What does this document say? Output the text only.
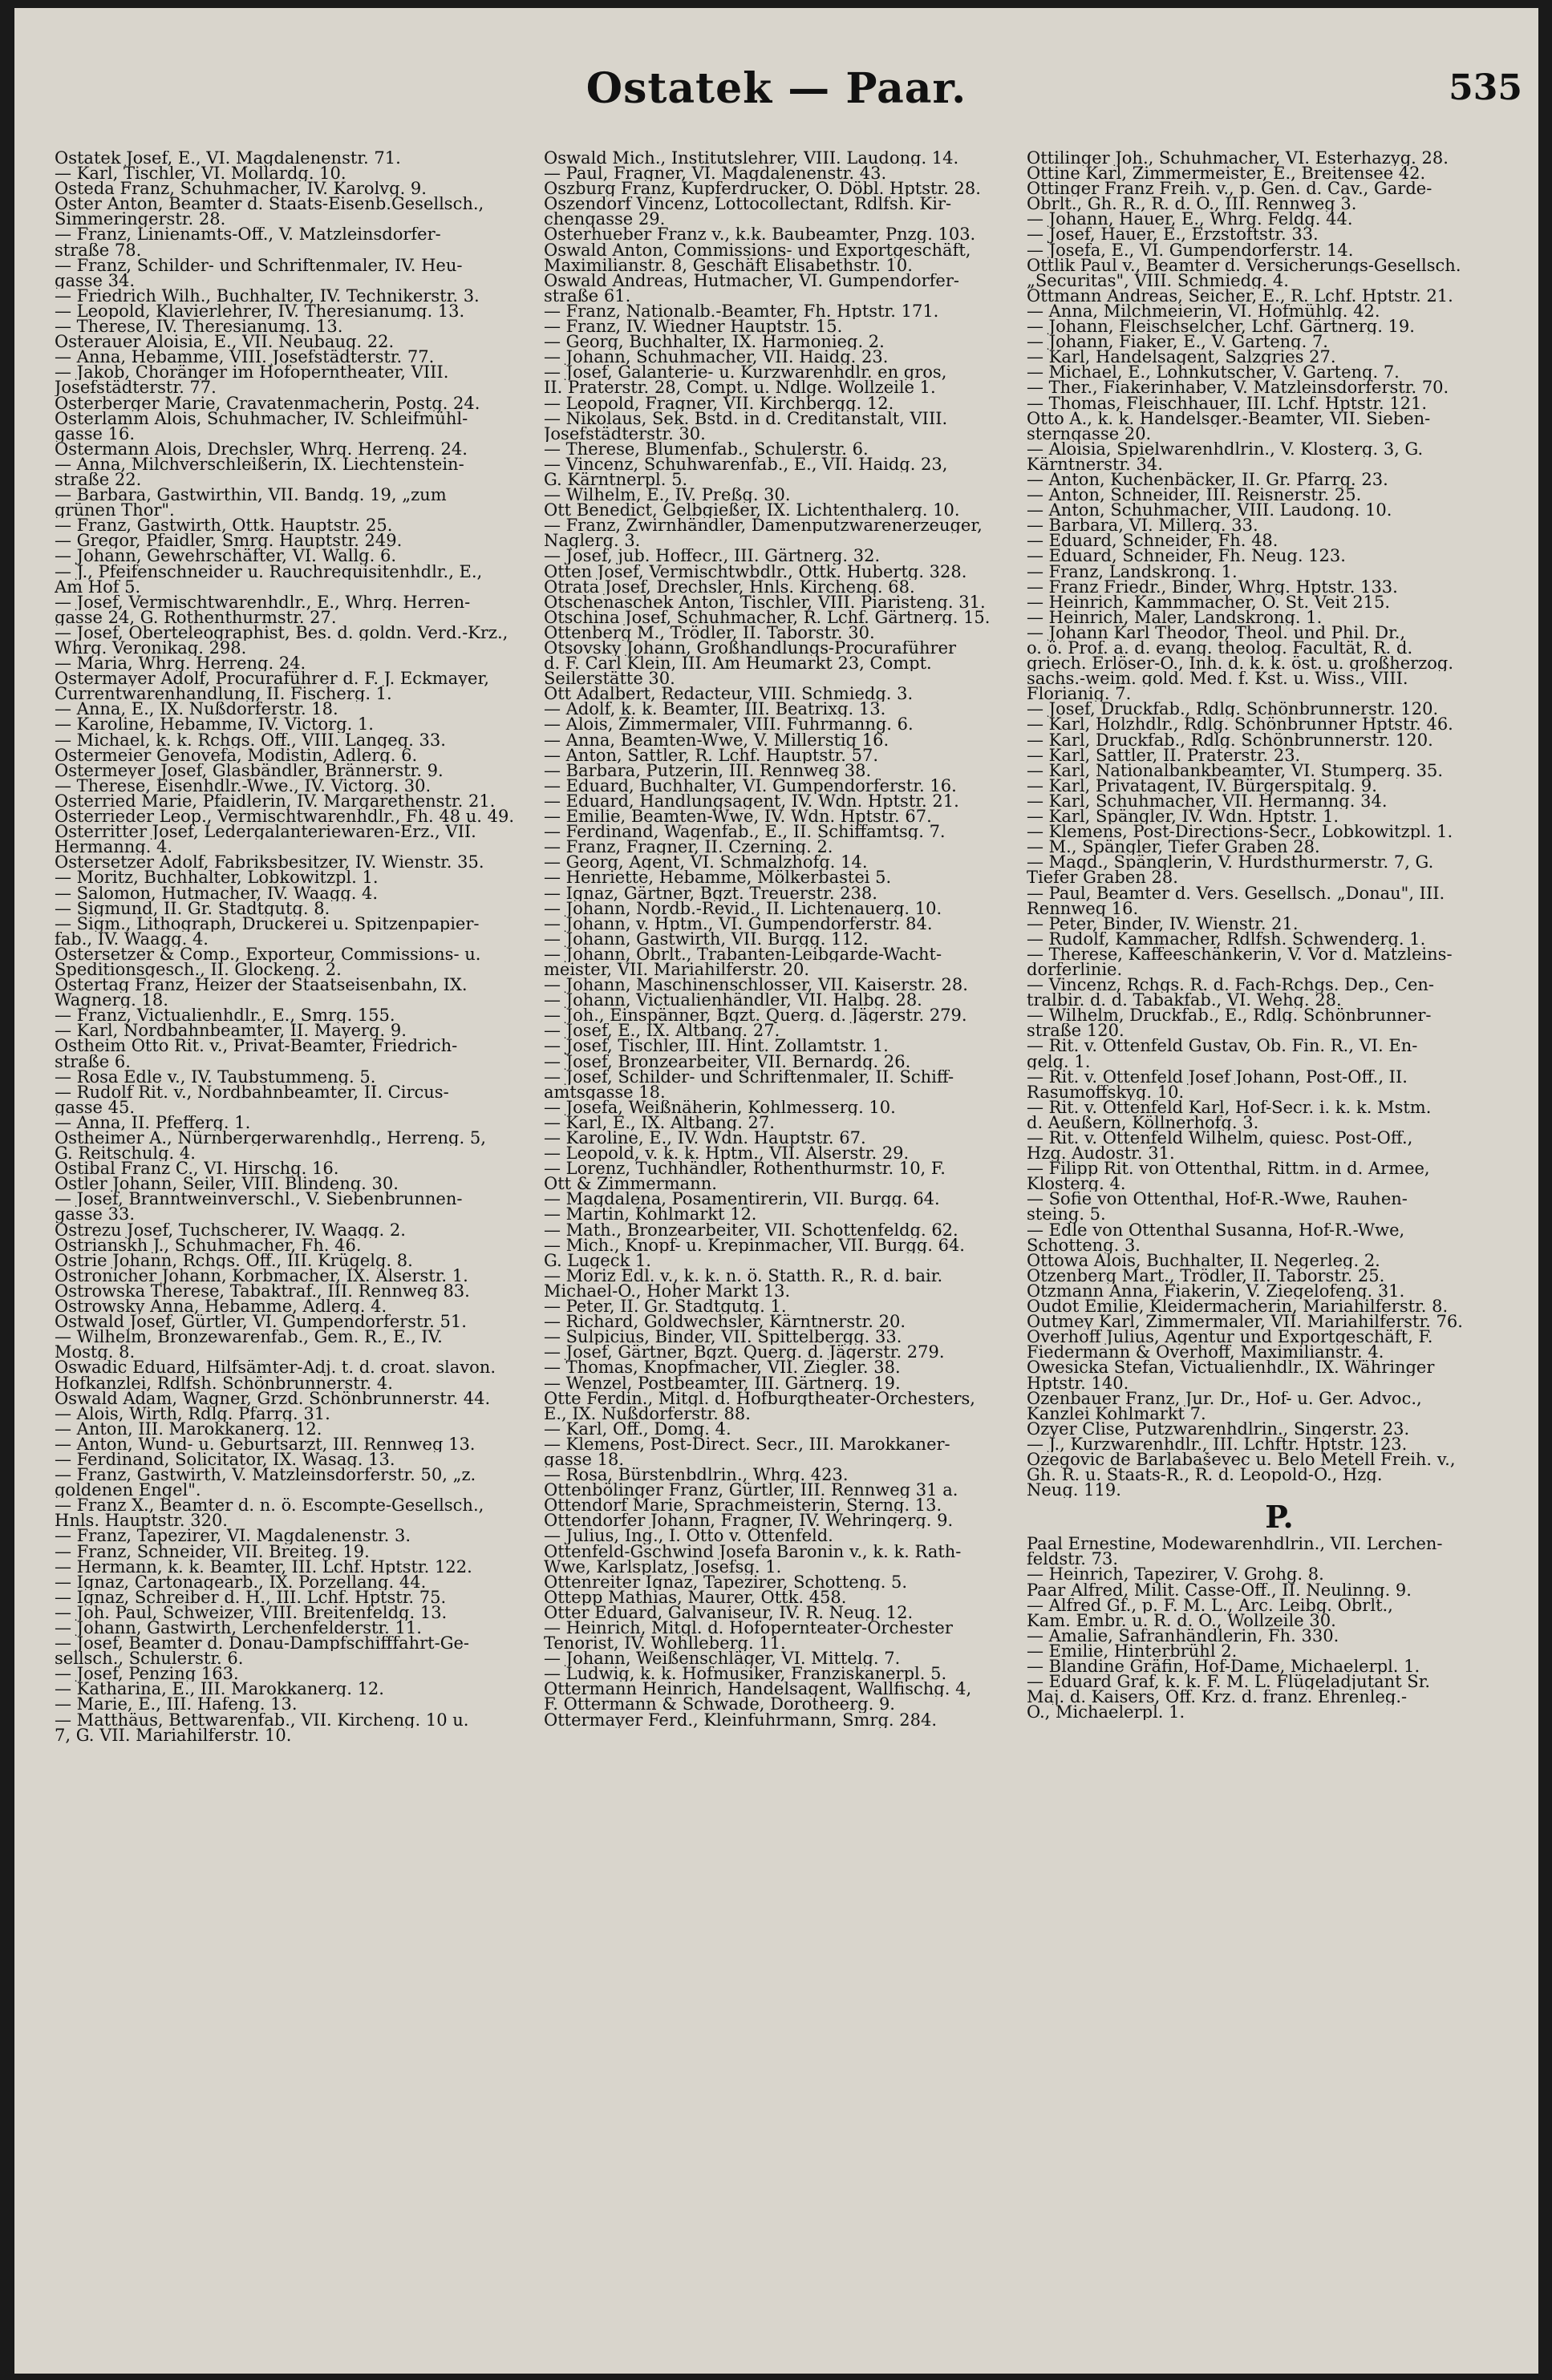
Ostatek — Paar.	535
Ostatek Josef, E., VI. Magdalenenstr. 71.
— Karl, Tischler, VI. Mollardg. 10.
Osteda Franz, Schuhmacher, IV. Karolvg. 9.
Oster Anton, Beamter d. Staats-Eisenb.Gesellsch.,
Simmeringerstr. 28.
— Franz, Linienamts-Off., V. Matzleinsdorfer-
straße 78.
— Franz, Schilder- und Schriftenmaler, IV. Heu-
gasse 34.
— Friedrich Wilh., Buchhalter, IV. Technikerstr. 3.
— Leopold, Klavierlehrer, IV. Theresianumg. 13.
— Therese, IV. Theresianumg. 13.
Osterauer Aloisia, E., VII. Neubaug. 22.
— Anna, Hebamme, VIII. Josefstädterstr. 77.
— Jakob, Choränger im Hofoperntheater, VIII.
Josefstädterstr. 77.
Osterberger Marie, Cravatenmacherin, Postg. 24.
Osterlamm Alois, Schuhmacher, IV. Schleifmühl-
gasse 16.
Ostermann Alois, Drechsler, Whrg. Herreng. 24.
— Anna, Milchverschleißerin, IX. Liechtenstein-
straße 22.
— Barbara, Gastwirthin, VII. Bandg. 19, „zum
grünen Thor".
— Franz, Gastwirth, Ottk. Hauptstr. 25.
— Gregor, Pfaidler, Smrg. Hauptstr. 249.
— Johann, Gewehrschäfter, VI. Wallg. 6.
— J., Pfeifenschneider u. Rauchrequisitenhdlr., E.,
Am Hof 5.
— Josef, Vermischtwarenhdlr., E., Whrg. Herren-
gasse 24, G. Rothenthurmstr. 27.
— Josef, Oberteleographist, Bes. d. goldn. Verd.-Krz.,
Whrg. Veronikag. 298.
— Maria, Whrg. Herreng. 24.
Ostermayer Adolf, Procuraführer d. F. J. Eckmayer,
Currentwarenhandlung, II. Fischerg. 1.
— Anna, E., IX. Nußdorferstr. 18.
— Karoline, Hebamme, IV. Victorg. 1.
— Michael, k. k. Rchgs. Off., VIII. Langeg. 33.
Ostermeier Genovefa, Modistin, Adlerg. 6.
Ostermeyer Josef, Glasbändler, Brännerstr. 9.
— Therese, Eisenhdlr.-Wwe., IV. Victorg. 30.
Osterried Marie, Pfaidlerin, IV. Margarethenstr. 21.
Osterrieder Leop., Vermischtwarenhdlr., Fh. 48 u. 49.
Osterritter Josef, Ledergalanteriewaren-Erz., VII.
Hermanng. 4.
Ostersetzer Adolf, Fabriksbesitzer, IV. Wienstr. 35.
— Moritz, Buchhalter, Lobkowitzpl. 1.
— Salomon, Hutmacher, IV. Waagg. 4.
— Sigmund, II. Gr. Stadtgutg. 8.
— Sigm., Lithograph, Druckerei u. Spitzenpapier-
fab., IV. Waagg. 4.
Ostersetzer & Comp., Exporteur, Commissions- u.
Speditionsgesch., II. Glockeng. 2.
Ostertag Franz, Heizer der Staatseisenbahn, IX.
Wagnerg. 18.
— Franz, Victualienhdlr., E., Smrg. 155.
— Karl, Nordbahnbeamter, II. Mayerg. 9.
Ostheim Otto Rit. v., Privat-Beamter, Friedrich-
straße 6.
— Rosa Edle v., IV. Taubstummeng. 5.
— Rudolf Rit. v., Nordbahnbeamter, II. Circus-
gasse 45.
— Anna, II. Pfefferg. 1.
Ostheimer A., Nürnbergerwarenhdlg., Herreng. 5,
G. Reitschulg. 4.
Ostibal Franz C., VI. Hirschg. 16.
Ostler Johann, Seiler, VIII. Blindeng. 30.
— Josef, Branntweinverschl., V. Siebenbrunnen-
gasse 33.
Ostrezu Josef, Tuchscherer, IV. Waagg. 2.
Ostrianskh J., Schuhmacher, Fh. 46.
Ostrie Johann, Rchgs. Off., III. Krügelg. 8.
Ostronicher Johann, Korbmacher, IX. Alserstr. 1.
Ostrowska Therese, Tabaktraf., III. Rennweg 83.
Ostrowsky Anna, Hebamme, Adlerg. 4.
Ostwald Josef, Gürtler, VI. Gumpendorferstr. 51.
— Wilhelm, Bronzewarenfab., Gem. R., E., IV.
Mostg. 8.
Oswadic Eduard, Hilfsämter-Adj. t. d. croat. slavon.
Hofkanzlei, Rdlfsh. Schönbrunnerstr. 4.
Oswald Adam, Wagner, Grzd. Schönbrunnerstr. 44.
— Alois, Wirth, Rdlg. Pfarrg. 31.
— Anton, III. Marokkanerg. 12.
— Anton, Wund- u. Geburtsarzt, III. Rennweg 13.
— Ferdinand, Solicitator, IX. Wasag. 13.
— Franz, Gastwirth, V. Matzleinsdorferstr. 50, „z.
goldenen Engel".
— Franz X., Beamter d. n. ö. Escompte-Gesellsch.,
Hnls. Hauptstr. 320.
— Franz, Tapezirer, VI. Magdalenenstr. 3.
— Franz, Schneider, VII. Breiteg. 19.
— Hermann, k. k. Beamter, III. Lchf. Hptstr. 122.
— Ignaz, Cartonagearb., IX. Porzellang. 44.
— Ignaz, Schreiber d. H., III. Lchf. Hptstr. 75.
— Joh. Paul, Schweizer, VIII. Breitenfeldg. 13.
— Johann, Gastwirth, Lerchenfelderstr. 11.
— Josef, Beamter d. Donau-Dampfschifffahrt-Ge-
sellsch., Schulerstr. 6.
— Josef, Penzing 163.
— Katharina, E., III. Marokkanerg. 12.
— Marie, E., III. Hafeng. 13.
— Matthäus, Bettwarenfab., VII. Kircheng. 10 u.
7, G. VII. Mariahilferstr. 10.
Oswald Mich., Institutslehrer, VIII. Laudong. 14.
— Paul, Fragner, VI. Magdalenenstr. 43.
Oszburg Franz, Kupferdrucker, O. Döbl. Hptstr. 28.
Oszendorf Vincenz, Lottocollectant, Rdlfsh. Kir-
chengasse 29.
Osterhueber Franz v., k.k. Baubeamter, Pnzg. 103.
Oswald Anton, Commissions- und Exportgeschäft,
Maximilianstr. 8, Geschäft Elisabethstr. 10.
Oswald Andreas, Hutmacher, VI. Gumpendorfer-
straße 61.
— Franz, Nationalb.-Beamter, Fh. Hptstr. 171.
— Franz, IV. Wiedner Hauptstr. 15.
— Georg, Buchhalter, IX. Harmonieg. 2.
— Johann, Schuhmacher, VII. Haidg. 23.
— Josef, Galanterie- u. Kurzwarenhdlr. en gros,
II. Praterstr. 28, Compt. u. Ndlge. Wollzeile 1.
— Leopold, Fragner, VII. Kirchbergg. 12.
— Nikolaus, Sek. Bstd. in d. Creditanstalt, VIII.
Josefstädterstr. 30.
— Therese, Blumenfab., Schulerstr. 6.
— Vincenz, Schuhwarenfab., E., VII. Haidg. 23,
G. Kärntnerpl. 5.
— Wilhelm, E., IV. Preßg. 30.
Ott Benedict, Gelbgießer, IX. Lichtenthalerg. 10.
— Franz, Zwirnhändler, Damenputzwarenerzeuger,
Naglerg. 3.
— Josef, jub. Hoffecr., III. Gärtnerg. 32.
Otten Josef, Vermischtwbdlr., Ottk. Hubertg. 328.
Otrata Josef, Drechsler, Hnls. Kircheng. 68.
Otschenaschek Anton, Tischler, VIII. Piaristeng. 31.
Otschina Josef, Schuhmacher, R. Lchf. Gärtnerg. 15.
Ottenberg M., Trödler, II. Taborstr. 30.
Otsovsky Johann, Großhandlungs-Procuraführer
d. F. Carl Klein, III. Am Heumarkt 23, Compt.
Seilerstätte 30.
Ott Adalbert, Redacteur, VIII. Schmiedg. 3.
— Adolf, k. k. Beamter, III. Beatrixg. 13.
— Alois, Zimmermaler, VIII. Fuhrmanng. 6.
— Anna, Beamten-Wwe, V. Millerstig 16.
— Anton, Sattler, R. Lchf. Hauptstr. 57.
— Barbara, Putzerin, III. Rennweg 38.
— Eduard, Buchhalter, VI. Gumpendorferstr. 16.
— Eduard, Handlungsagent, IV. Wdn. Hptstr. 21.
— Emilie, Beamten-Wwe, IV. Wdn. Hptstr. 67.
— Ferdinand, Wagenfab., E., II. Schiffamtsg. 7.
— Franz, Fragner, II. Czerning. 2.
— Georg, Agent, VI. Schmalzhofg. 14.
— Henriette, Hebamme, Mölkerbastei 5.
— Ignaz, Gärtner, Bgzt. Treuerstr. 238.
— Johann, Nordb.-Revid., II. Lichtenauerg. 10.
— Johann, v. Hptm., VI. Gumpendorferstr. 84.
— Johann, Gastwirth, VII. Burgg. 112.
— Johann, Obrlt., Trabanten-Leibgarde-Wacht-
meister, VII. Mariahilferstr. 20.
— Johann, Maschinenschlosser, VII. Kaiserstr. 28.
— Johann, Victualienhändler, VII. Halbg. 28.
— Joh., Einspänner, Bgzt. Querg. d. Jägerstr. 279.
— Josef, E., IX. Altbang. 27.
— Josef, Tischler, III. Hint. Zollamtstr. 1.
— Josef, Bronzearbeiter, VII. Bernardg. 26.
— Josef, Schilder- und Schriftenmaler, II. Schiff-
amtsgasse 18.
— Josefa, Weißnäherin, Kohlmesserg. 10.
— Karl, E., IX. Altbang. 27.
— Karoline, E., IV. Wdn. Hauptstr. 67.
— Leopold, v. k. k. Hptm., VII. Alserstr. 29.
— Lorenz, Tuchhändler, Rothenthurmstr. 10, F.
Ott & Zimmermann.
— Magdalena, Posamentirerin, VII. Burgg. 64.
— Martin, Kohlmarkt 12.
— Math., Bronzearbeiter, VII. Schottenfeldg. 62.
— Mich., Knopf- u. Krepinmacher, VII. Burgg. 64.
G. Lugeck 1.
— Moriz Edl. v., k. k. n. ö. Statth. R., R. d. bair.
Michael-O., Hoher Markt 13.
— Peter, II. Gr. Stadtgutg. 1.
— Richard, Goldwechsler, Kärntnerstr. 20.
— Sulpicius, Binder, VII. Spittelbergg. 33.
— Josef, Gärtner, Bgzt. Querg. d. Jägerstr. 279.
— Thomas, Knopfmacher, VII. Ziegler. 38.
— Wenzel, Postbeamter, III. Gärtnerg. 19.
Otte Ferdin., Mitgl. d. Hofburgtheater-Orchesters,
E., IX. Nußdorferstr. 88.
— Karl, Off., Domg. 4.
— Klemens, Post-Direct. Secr., III. Marokkaner-
gasse 18.
— Rosa, Bürstenbdlrin., Whrg. 423.
Ottenbölinger Franz, Gürtler, III. Rennweg 31 a.
Ottendorf Marie, Sprachmeisterin, Sterng. 13.
Ottendorfer Johann, Fragner, IV. Wehringerg. 9.
— Julius, Ing., I. Otto v. Ottenfeld.
Ottenfeld-Gschwind Josefa Baronin v., k. k. Rath-
Wwe, Karlsplatz, Josefsg. 1.
Ottenreiter Ignaz, Tapezirer, Schotteng. 5.
Ottepp Mathias, Maurer, Ottk. 458.
Otter Eduard, Galvaniseur, IV. R. Neug. 12.
— Heinrich, Mitgl. d. Hofopernteater-Orchester
Tenorist, IV. Wohlleberg. 11.
— Johann, Weißenschläger, VI. Mittelg. 7.
— Ludwig, k. k. Hofmusiker, Franziskanerpl. 5.
Ottermann Heinrich, Handelsagent, Wallfischg. 4,
F. Ottermann & Schwade, Dorotheerg. 9.
Ottermayer Ferd., Kleinfuhrmann, Smrg. 284.
Ottilinger Joh., Schuhmacher, VI. Esterhazyg. 28.
Ottine Karl, Zimmermeister, E., Breitensee 42.
Ottinger Franz Freih. v., p. Gen. d. Cav., Garde-
Obrlt., Gh. R., R. d. O., III. Rennweg 3.
— Johann, Hauer, E., Whrg. Feldg. 44.
— Josef, Hauer, E., Erzstoftstr. 33.
— Josefa, E., VI. Gumpendorferstr. 14.
Ottlik Paul v., Beamter d. Versicherungs-Gesellsch.
„Securitas", VIII. Schmiedg. 4.
Ottmann Andreas, Seicher, E., R. Lchf. Hptstr. 21.
— Anna, Milchmeierin, VI. Hofmühlg. 42.
— Johann, Fleischselcher, Lchf. Gärtnerg. 19.
— Johann, Fiaker, E., V. Garteng. 7.
— Karl, Handelsagent, Salzgries 27.
— Michael, E., Lohnkutscher, V. Garteng. 7.
— Ther., Fiakerinhaber, V. Matzleinsdorferstr. 70.
— Thomas, Fleischhauer, III. Lchf. Hptstr. 121.
Otto A., k. k. Handelsger.-Beamter, VII. Sieben-
sterngasse 20.
— Aloisia, Spielwarenhdlrin., V. Klosterg. 3, G.
Kärntnerstr. 34.
— Anton, Kuchenbäcker, II. Gr. Pfarrg. 23.
— Anton, Schneider, III. Reisnerstr. 25.
— Anton, Schuhmacher, VIII. Laudong. 10.
— Barbara, VI. Millerg. 33.
— Eduard, Schneider, Fh. 48.
— Eduard, Schneider, Fh. Neug. 123.
— Franz, Landskrong. 1.
— Franz Friedr., Binder, Whrg. Hptstr. 133.
— Heinrich, Kammmacher, O. St. Veit 215.
— Heinrich, Maler, Landskrong. 1.
— Johann Karl Theodor, Theol. und Phil. Dr.,
o. ö. Prof. a. d. evang. theolog. Facultät, R. d.
griech. Erlöser-O., Inh. d. k. k. öst. u. großherzog.
sachs.-weim. gold. Med. f. Kst. u. Wiss., VIII.
Florianig. 7.
— Josef, Druckfab., Rdlg. Schönbrunnerstr. 120.
— Karl, Holzhdlr., Rdlg. Schönbrunner Hptstr. 46.
— Karl, Druckfab., Rdlg. Schönbrunnerstr. 120.
— Karl, Sattler, II. Praterstr. 23.
— Karl, Nationalbankbeamter, VI. Stumperg. 35.
— Karl, Privatagent, IV. Bürgerspitalg. 9.
— Karl, Schuhmacher, VII. Hermanng. 34.
— Karl, Spängler, IV. Wdn. Hptstr. 1.
— Klemens, Post-Directions-Secr., Lobkowitzpl. 1.
— M., Spängler, Tiefer Graben 28.
— Magd., Spänglerin, V. Hurdsthurmerstr. 7, G.
Tiefer Graben 28.
— Paul, Beamter d. Vers. Gesellsch. „Donau", III.
Rennweg 16.
— Peter, Binder, IV. Wienstr. 21.
— Rudolf, Kammacher, Rdlfsh. Schwenderg. 1.
— Therese, Kaffeeschänkerin, V. Vor d. Matzleins-
dorferlinie.
— Vincenz, Rchgs. R. d. Fach-Rchgs. Dep., Cen-
tralbir. d. d. Tabakfab., VI. Wehg. 28.
— Wilhelm, Druckfab., E., Rdlg. Schönbrunner-
straße 120.
— Rit. v. Ottenfeld Gustav, Ob. Fin. R., VI. En-
gelg. 1.
— Rit. v. Ottenfeld Josef Johann, Post-Off., II.
Rasumoffskyg. 10.
— Rit. v. Ottenfeld Karl, Hof-Secr. i. k. k. Mstm.
d. Aeußern, Köllnerhofg. 3.
— Rit. v. Ottenfeld Wilhelm, quiesc. Post-Off.,
Hzg. Audostr. 31.
— Filipp Rit. von Ottenthal, Rittm. in d. Armee,
Klosterg. 4.
— Sofie von Ottenthal, Hof-R.-Wwe, Rauhen-
steing. 5.
— Edle von Ottenthal Susanna, Hof-R.-Wwe,
Schotteng. 3.
Ottowa Alois, Buchhalter, II. Negerleg. 2.
Otzenberg Mart., Trödler, II. Taborstr. 25.
Otzmann Anna, Fiakerin, V. Ziegelofeng. 31.
Oudot Emilie, Kleidermacherin, Mariahilferstr. 8.
Outmey Karl, Zimmermaler, VII. Mariahilferstr. 76.
Overhoff Julius, Agentur und Exportgeschäft, F.
Fiedermann & Overhoff, Maximilianstr. 4.
Owesicka Stefan, Victualienhdlr., IX. Währinger
Hptstr. 140.
Ozenbauer Franz, Jur. Dr., Hof- u. Ger. Advoc.,
Kanzlei Kohlmarkt 7.
Ozyer Clise, Putzwarenhdlrin., Singerstr. 23.
— J., Kurzwarenhdlr., III. Lchftr. Hptstr. 123.
Ozegovic de Barlabaševec u. Belo Metell Freih. v.,
Gh. R. u. Staats-R., R. d. Leopold-O., Hzg.
Neug. 119.
P.
Paal Ernestine, Modewarenhdlrin., VII. Lerchen-
feldstr. 73.
— Heinrich, Tapezirer, V. Grohg. 8.
Paar Alfred, Milit. Casse-Off., II. Neulinng. 9.
— Alfred Gf., p. F. M. L., Arc. Leibg. Obrlt.,
Kam. Embr. u. R. d. O., Wollzeile 30.
— Amalie, Safranhändlerin, Fh. 330.
— Emilie, Hinterbrühl 2.
— Blandine Gräfin, Hof-Dame, Michaelerpl. 1.
— Eduard Graf, k. k. F. M. L. Flügeladjutant Sr.
Maj. d. Kaisers, Off. Krz. d. franz. Ehrenleg.-
O., Michaelerpl. 1.
